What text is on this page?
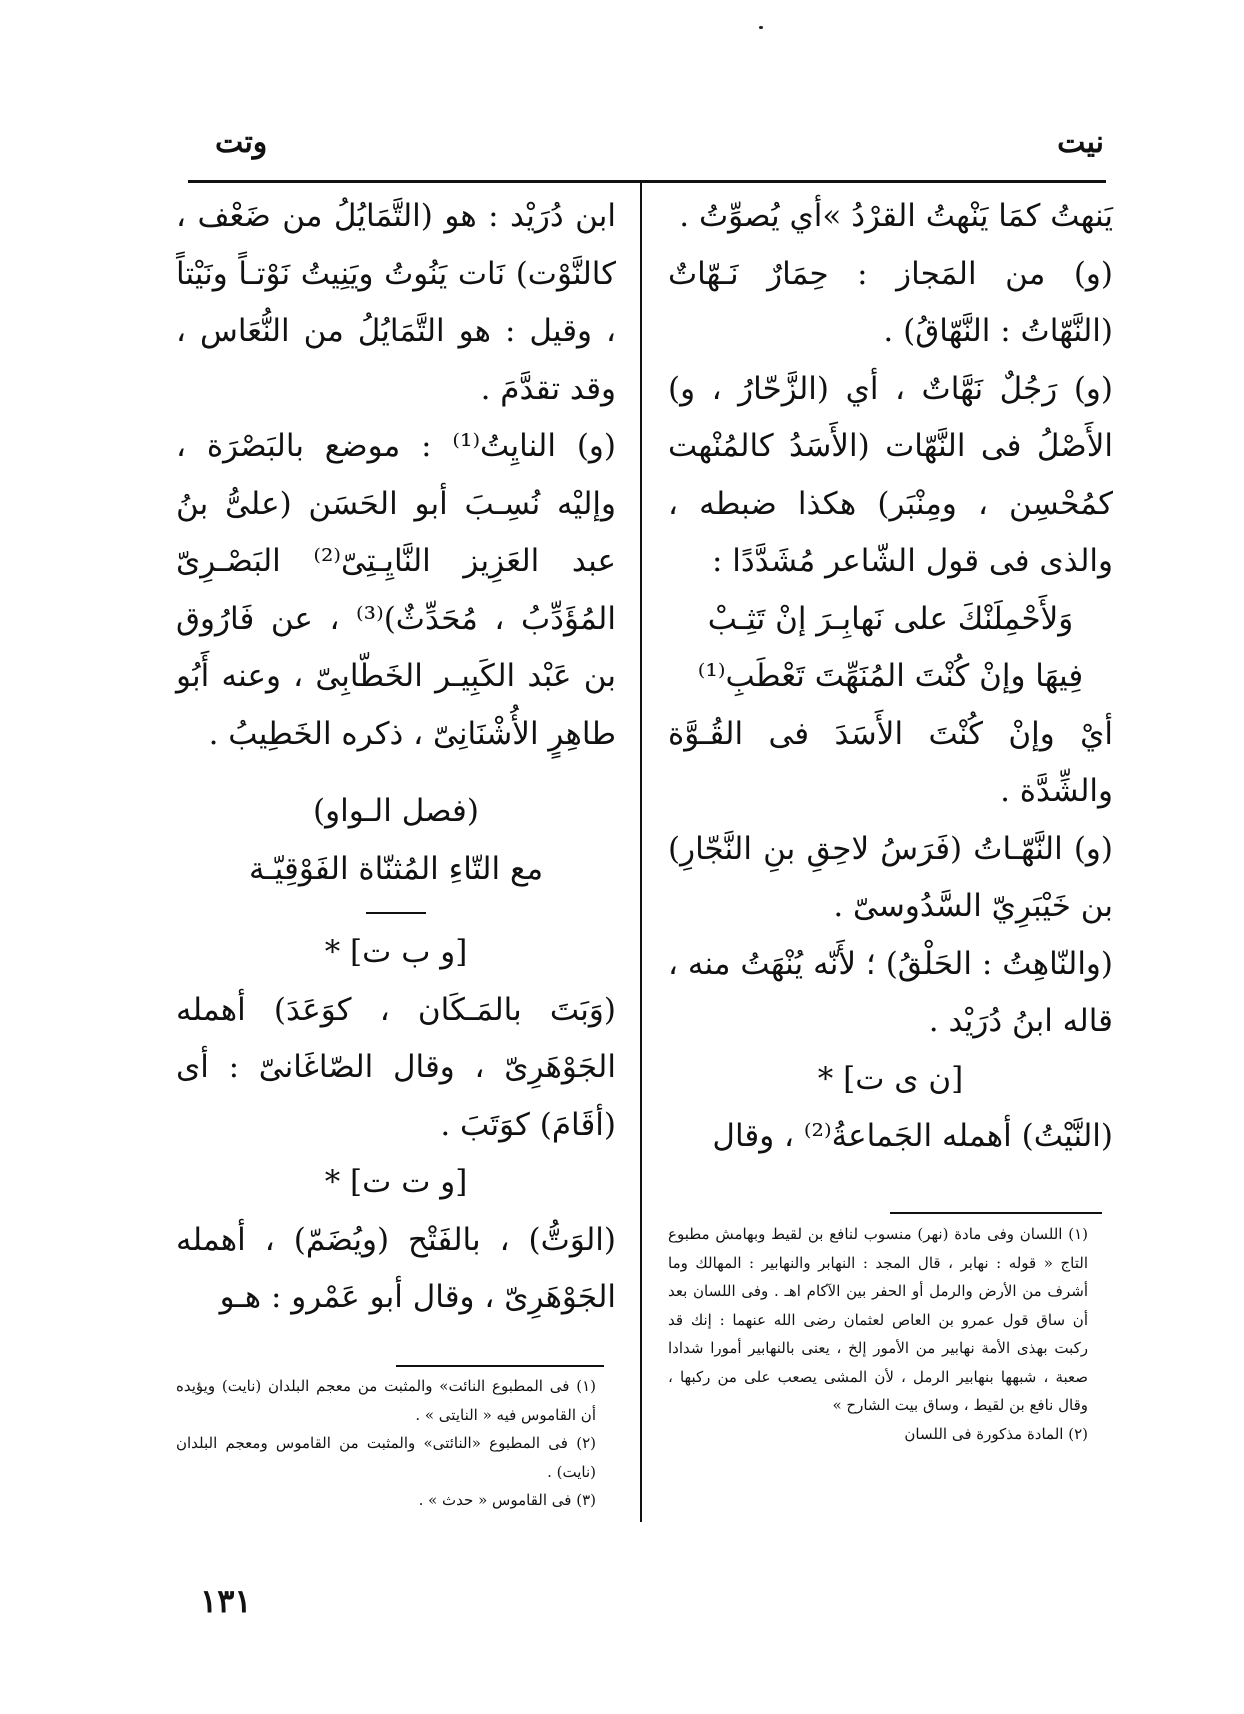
نيت
وتت

يَنهتُ كمَا يَنْهتُ القرْدُ »أي يُصوِّتُ .

(و) من المَجاز : حِمَارٌ نَـهّاتٌ (النَّهّاتُ : النَّهّاقُ) .

(و) رَجُلٌ نَهَّاتٌ ، أي (الزَّحّارُ ، و) الأَصْلُ فى النَّهّات (الأَسَدُ كالمُنْهت كمُحْسِن ، ومِنْبَر) هكذا ضبطه ، والذى فى قول الشّاعر مُشَدَّدًا :

وَلأَحْمِلَنْكَ على نَهابِـرَ إنْ تَثِـبْ

فِيهَا وإنْ كُنْتَ المُنَهِّتَ تَعْطَبِ⁽¹⁾

أيْ وإنْ كُنْتَ الأَسَدَ فى القُـوَّة والشِّدَّة .

(و) النَّهّـاتُ (فَرَسُ لاحِقِ بنِ النَّجّارِ) بن خَيْبَرِيّ السَّدُوسىّ .

(والنّاهِتُ : الحَلْقُ) ؛ لأَنّه يُنْهَتُ منه ، قاله ابنُ دُرَيْد .

[ن ى ت] *

(النَّيْتُ) أهمله الجَماعةُ⁽²⁾ ، وقال

ابن دُرَيْد : هو (التَّمَايُلُ من ضَعْف ، كالنَّوْت) نَات يَنُوتُ ويَنِيتُ نَوْتـاً ونَيْتاً ، وقيل : هو التَّمَايُلُ من النُّعَاس ، وقد تقدَّمَ .

(و) النايِتُ⁽¹⁾ : موضع بالبَصْرَة ، وإليْه نُسِـبَ أبو الحَسَن (علىُّ بنُ عبد العَزِيز النَّايِـتِىّ⁽²⁾ البَصْـرِىّ المُؤَدِّبُ ، مُحَدِّثٌ)⁽³⁾ ، عن فَارُوق بن عَبْد الكَبِيـر الخَطّابِىّ ، وعنه أَبُو طاهِرٍ الأُشْنَانِىّ ، ذكره الخَطِيبُ .

(فصل الـواو)

مع التّاءِ المُثنّاة الفَوْقِيّـة

[و ب ت] *

(وَبَتَ بالمَـكَان ، كوَعَدَ) أهمله الجَوْهَرِىّ ، وقال الصّاغَانىّ : أى (أقَامَ) كوَتَبَ .

[و ت ت] *

(الوَتُّ) ، بالفَتْح (ويُضَمّ) ، أهمله الجَوْهَرِىّ ، وقال أبو عَمْرو : هـو

(١) اللسان وفى مادة (نهر) منسوب لنافع بن لقيط وبهامش مطبوع التاج « قوله : نهابر ، قال المجد : النهابر والنهابير : المهالك وما أشرف من الأرض والرمل أو الحفر بين الآكام اهـ . وفى اللسان بعد أن ساق قول عمرو بن العاص لعثمان رضى الله عنهما : إنك قد ركبت بهذى الأمة نهابير من الأمور إلخ ، يعنى بالنهابير أمورا شدادا صعبة ، شبهها بنهابير الرمل ، لأن المشى يصعب على من ركبها ، وقال نافع بن لقيط ، وساق بيت الشارح »

(٢) المادة مذكورة فى اللسان

(١) فى المطبوع النائت» والمثبت من معجم البلدان (نايت) ويؤيده أن القاموس فيه « النايتى » .

(٢) فى المطبوع «النائتى» والمثبت من القاموس ومعجم البلدان (نايت) .

(٣) فى القاموس « حدث » .

١٣١
